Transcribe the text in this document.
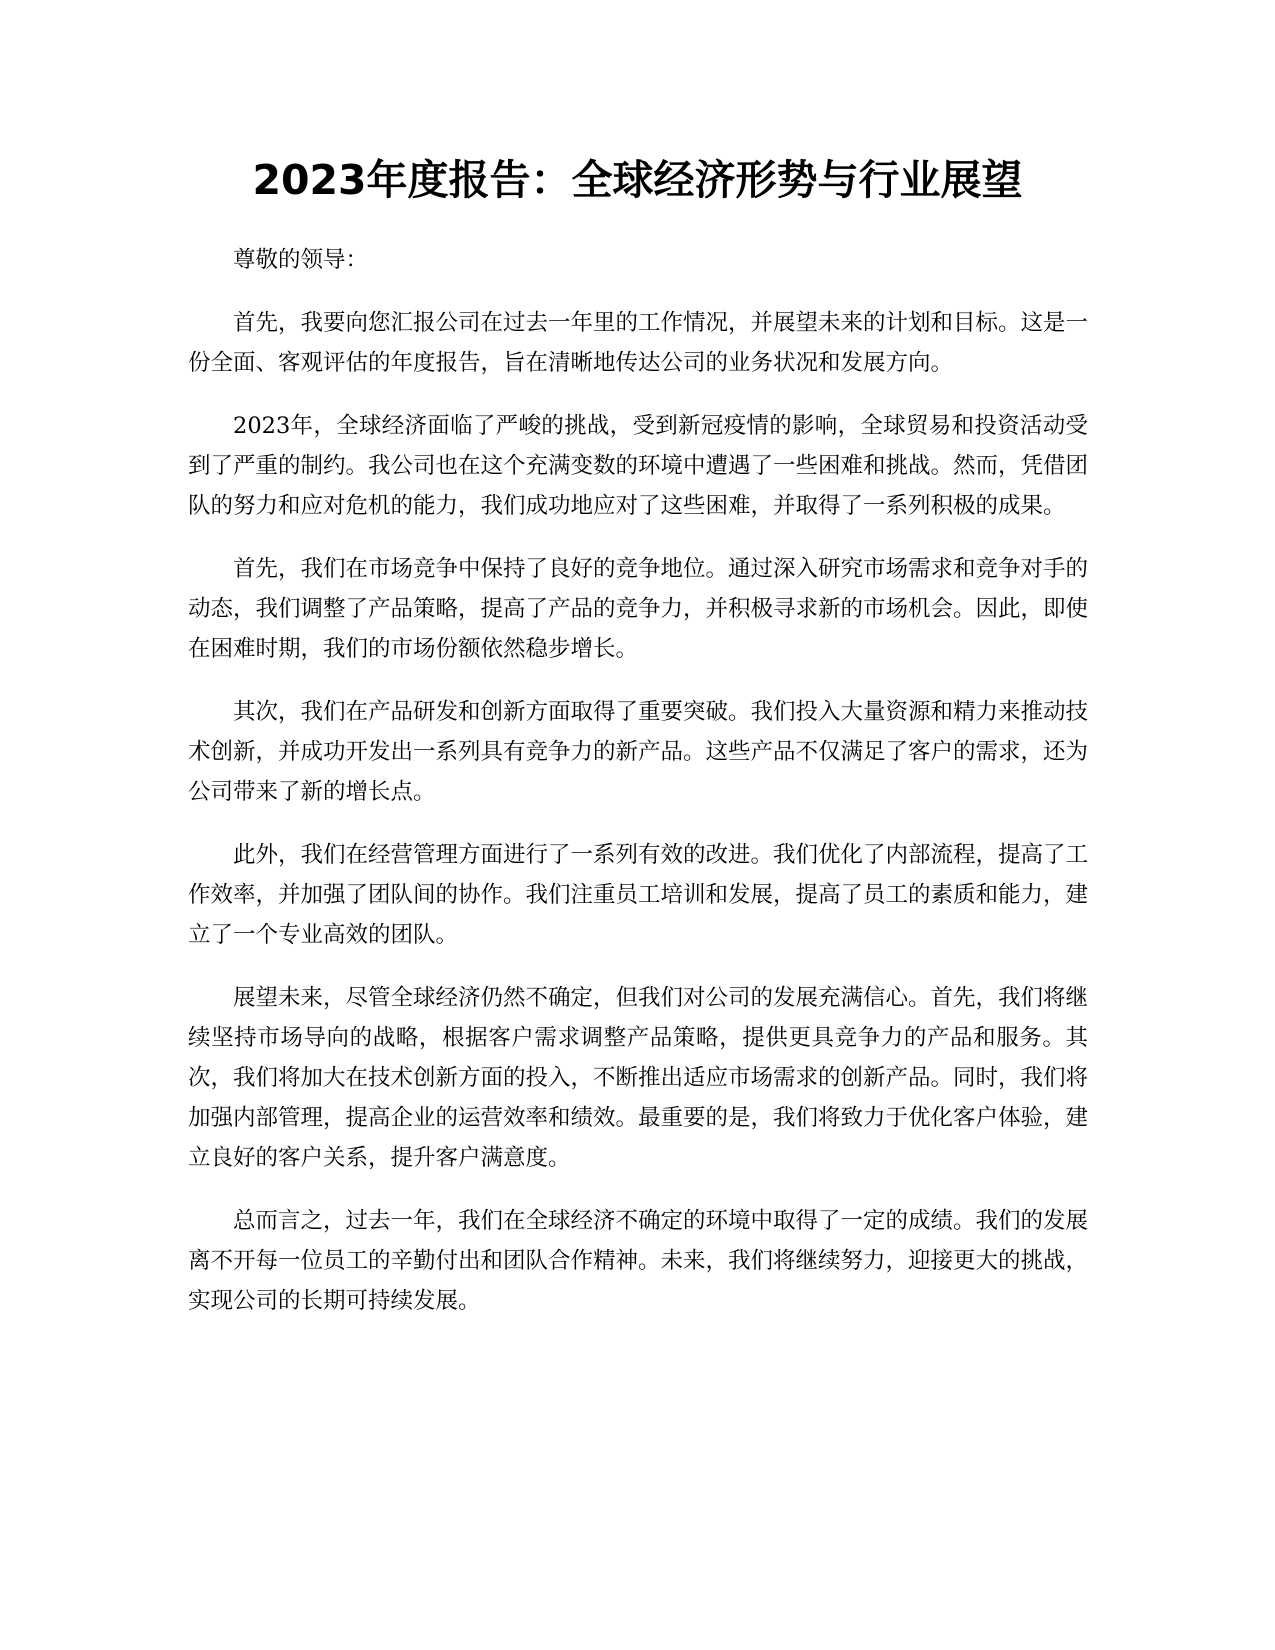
2023年度报告：全球经济形势与行业展望

尊敬的领导：

首先，我要向您汇报公司在过去一年里的工作情况，并展望未来的计划和目标。这是一份全面、客观评估的年度报告，旨在清晰地传达公司的业务状况和发展方向。

2023年，全球经济面临了严峻的挑战，受到新冠疫情的影响，全球贸易和投资活动受到了严重的制约。我公司也在这个充满变数的环境中遭遇了一些困难和挑战。然而，凭借团队的努力和应对危机的能力，我们成功地应对了这些困难，并取得了一系列积极的成果。

首先，我们在市场竞争中保持了良好的竞争地位。通过深入研究市场需求和竞争对手的动态，我们调整了产品策略，提高了产品的竞争力，并积极寻求新的市场机会。因此，即使在困难时期，我们的市场份额依然稳步增长。

其次，我们在产品研发和创新方面取得了重要突破。我们投入大量资源和精力来推动技术创新，并成功开发出一系列具有竞争力的新产品。这些产品不仅满足了客户的需求，还为公司带来了新的增长点。

此外，我们在经营管理方面进行了一系列有效的改进。我们优化了内部流程，提高了工作效率，并加强了团队间的协作。我们注重员工培训和发展，提高了员工的素质和能力，建立了一个专业高效的团队。

展望未来，尽管全球经济仍然不确定，但我们对公司的发展充满信心。首先，我们将继续坚持市场导向的战略，根据客户需求调整产品策略，提供更具竞争力的产品和服务。其次，我们将加大在技术创新方面的投入，不断推出适应市场需求的创新产品。同时，我们将加强内部管理，提高企业的运营效率和绩效。最重要的是，我们将致力于优化客户体验，建立良好的客户关系，提升客户满意度。

总而言之，过去一年，我们在全球经济不确定的环境中取得了一定的成绩。我们的发展离不开每一位员工的辛勤付出和团队合作精神。未来，我们将继续努力，迎接更大的挑战，实现公司的长期可持续发展。
